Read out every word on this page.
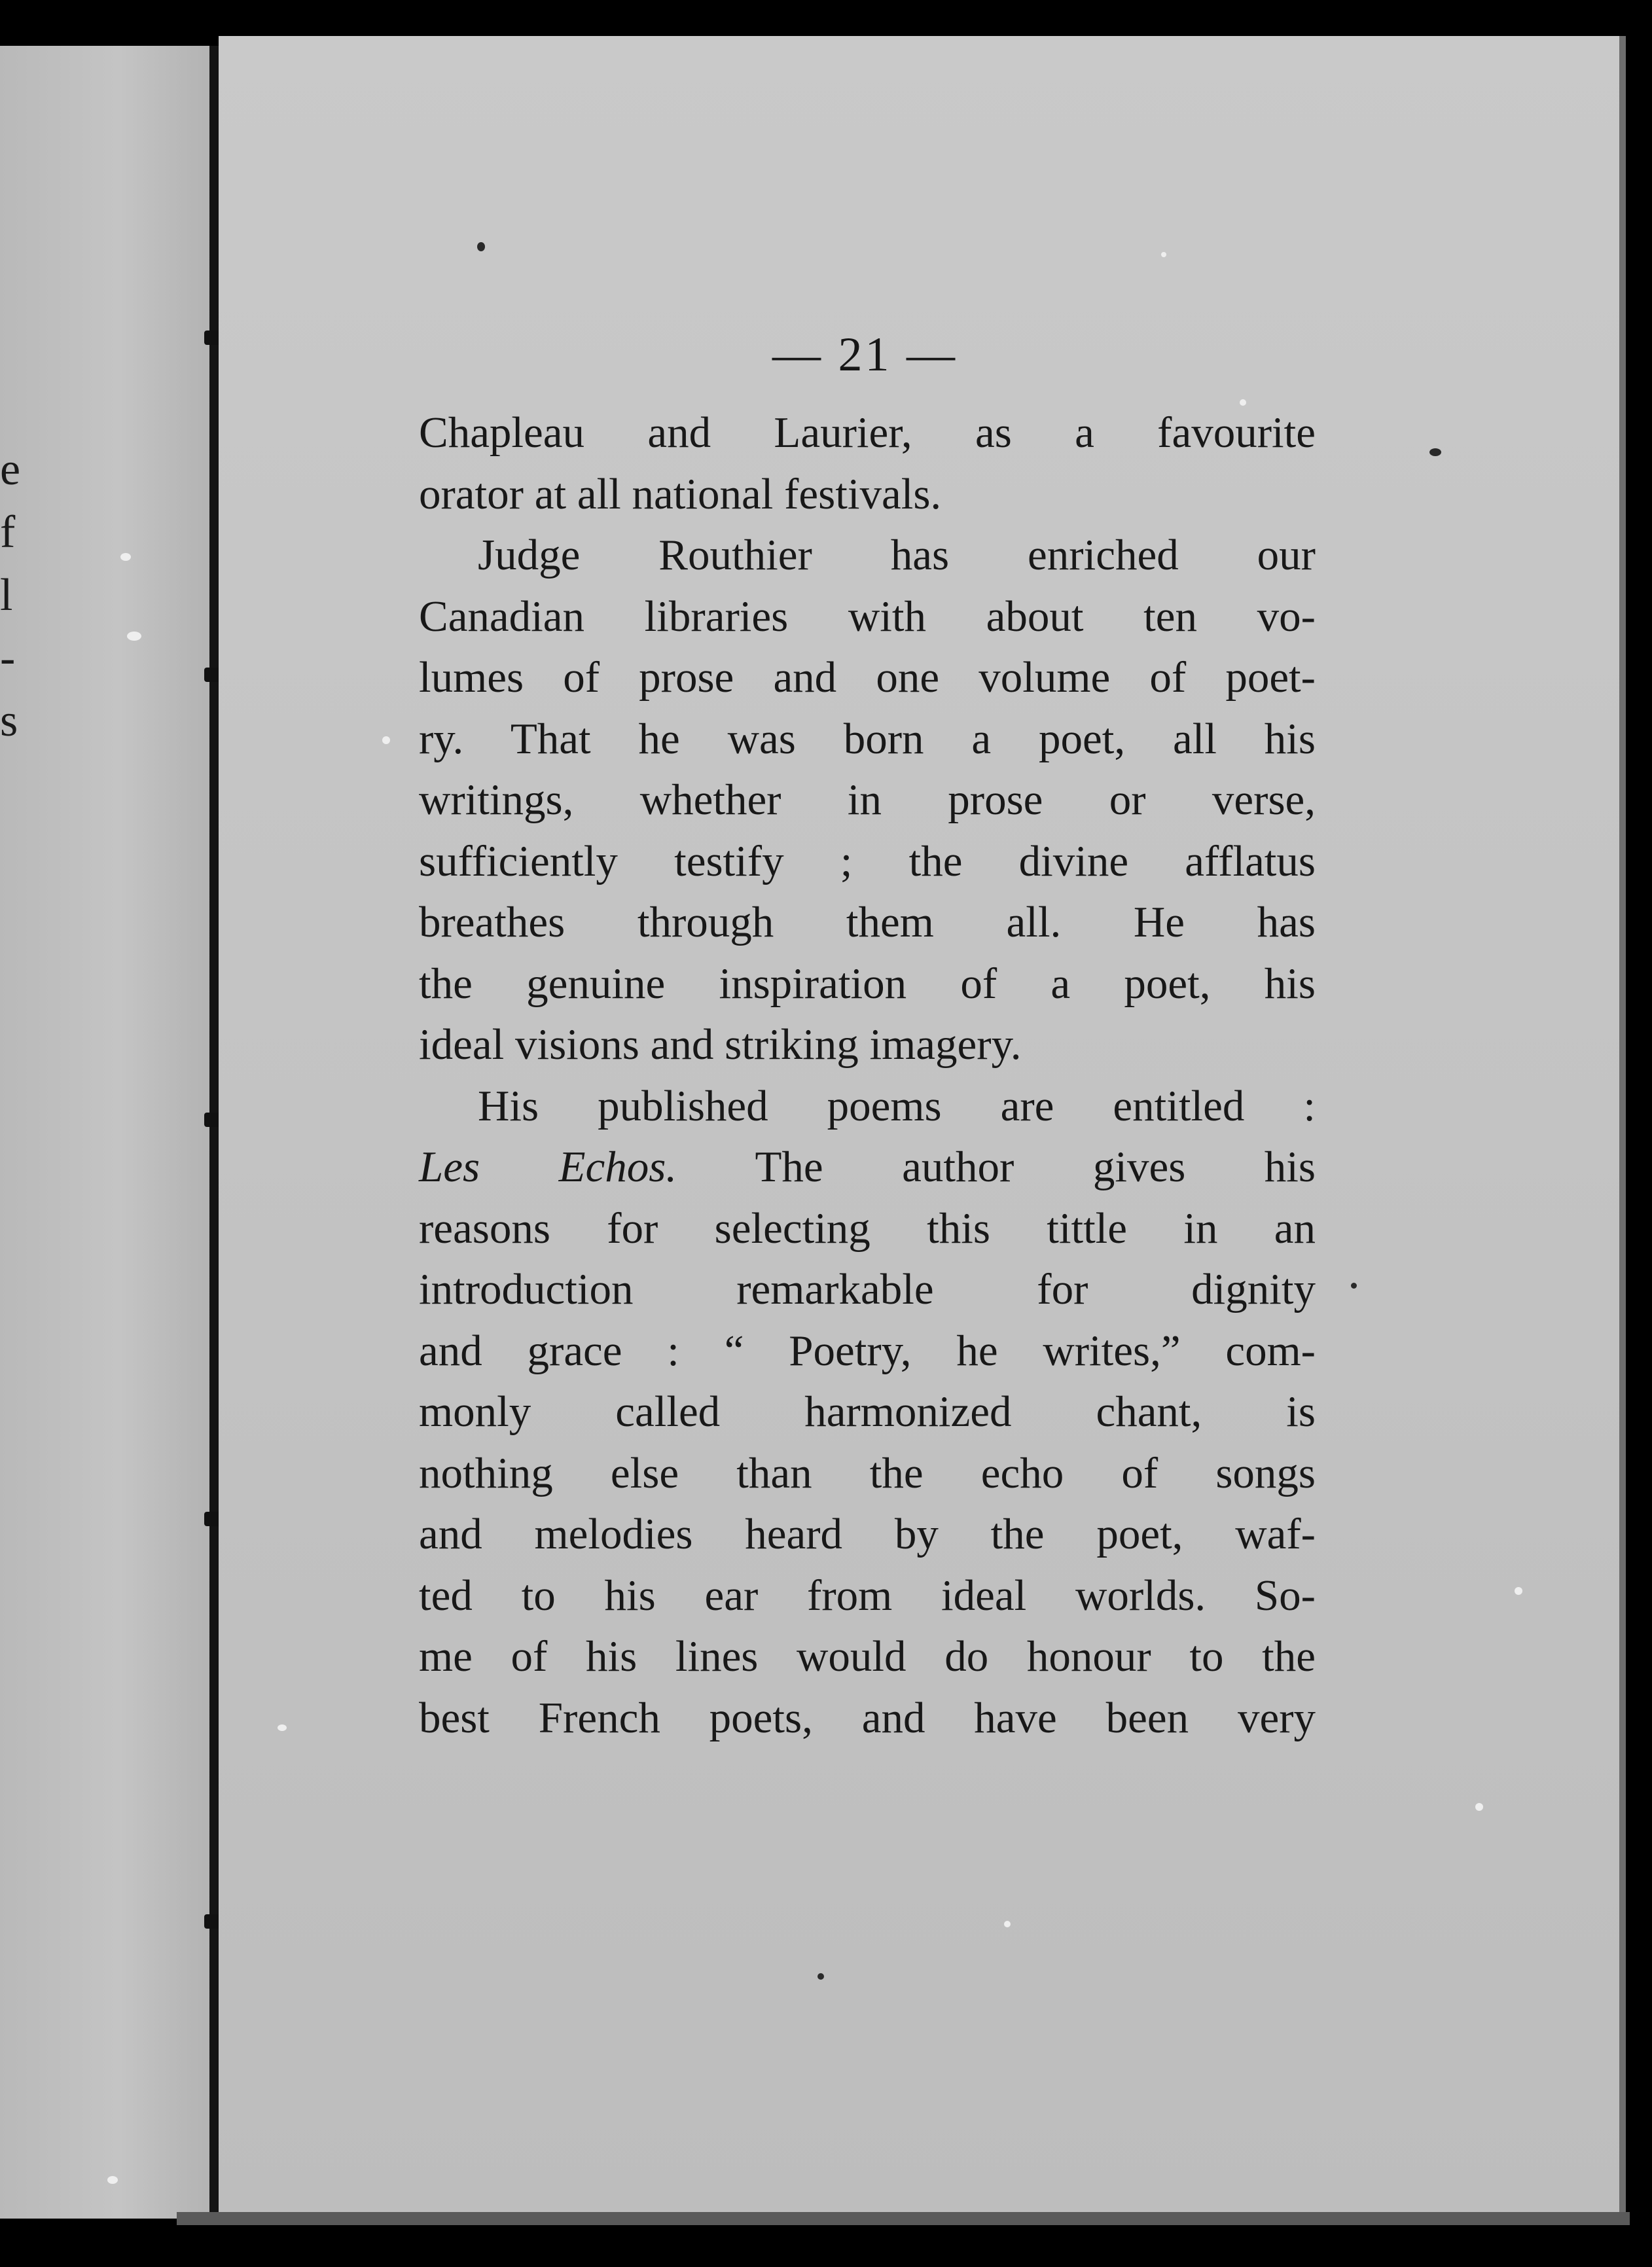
e
f
l
-
s
— 21 —
Chapleau and Laurier, as a favourite
orator at all national festivals.
Judge Routhier has enriched our
Canadian libraries with about ten vo-
lumes of prose and one volume of poet-
ry. That he was born a poet, all his
writings, whether in prose or verse,
sufficiently testify ; the divine afflatus
breathes through them all. He has
the genuine inspiration of a poet, his
ideal visions and striking imagery.
His published poems are entitled :
Les Echos. The author gives his
reasons for selecting this tittle in an
introduction remarkable for dignity
and grace : “ Poetry, he writes,” com-
monly called harmonized chant, is
nothing else than the echo of songs
and melodies heard by the poet, waf-
ted to his ear from ideal worlds. So-
me of his lines would do honour to the
best French poets, and have been very
